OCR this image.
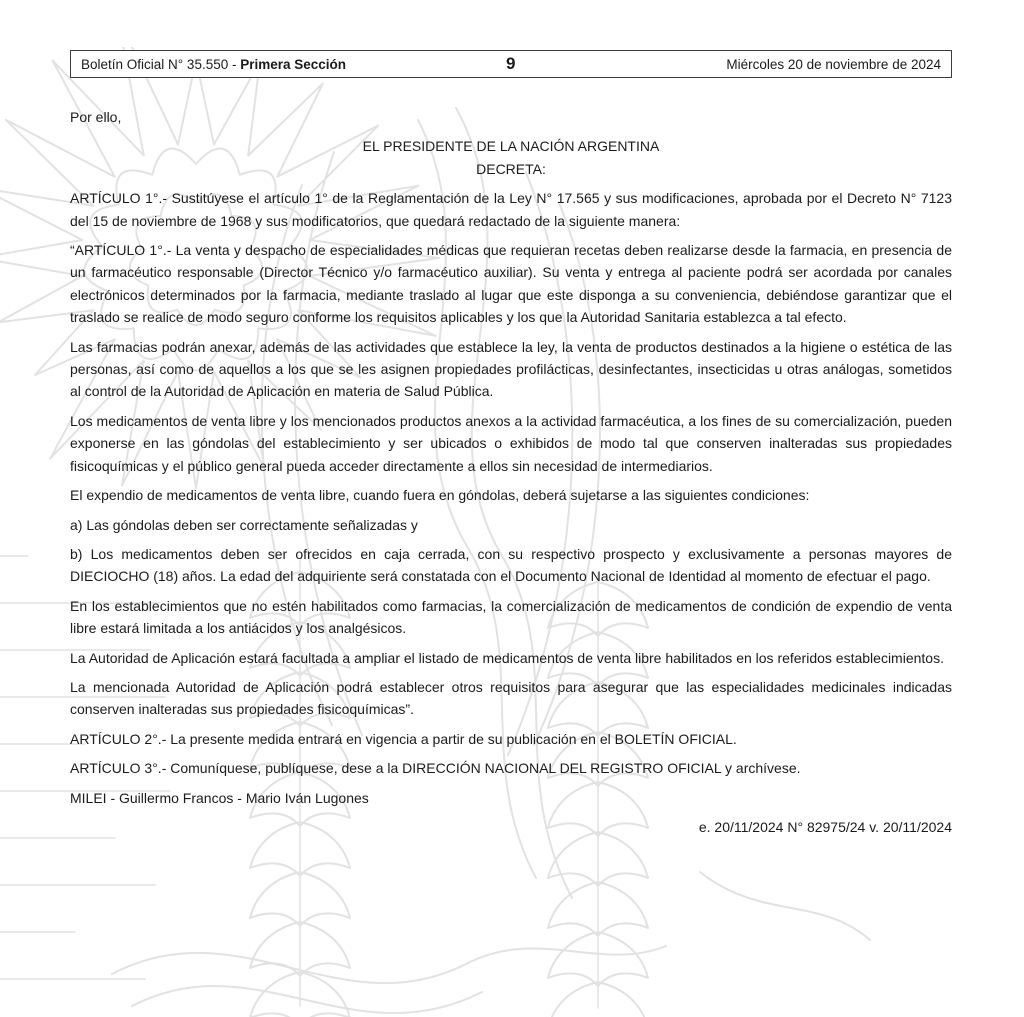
Boletín Oficial N° 35.550 - Primera Sección	9	Miércoles 20 de noviembre de 2024

Por ello,

EL PRESIDENTE DE LA NACIÓN ARGENTINA

DECRETA:

ARTÍCULO 1°.- Sustitúyese el artículo 1° de la Reglamentación de la Ley N° 17.565 y sus modificaciones, aprobada por el Decreto N° 7123 del 15 de noviembre de 1968 y sus modificatorios, que quedará redactado de la siguiente manera:

“ARTÍCULO 1°.- La venta y despacho de especialidades médicas que requieran recetas deben realizarse desde la farmacia, en presencia de un farmacéutico responsable (Director Técnico y/o farmacéutico auxiliar). Su venta y entrega al paciente podrá ser acordada por canales electrónicos determinados por la farmacia, mediante traslado al lugar que este disponga a su conveniencia, debiéndose garantizar que el traslado se realice de modo seguro conforme los requisitos aplicables y los que la Autoridad Sanitaria establezca a tal efecto.

Las farmacias podrán anexar, además de las actividades que establece la ley, la venta de productos destinados a la higiene o estética de las personas, así como de aquellos a los que se les asignen propiedades profilácticas, desinfectantes, insecticidas u otras análogas, sometidos al control de la Autoridad de Aplicación en materia de Salud Pública.

Los medicamentos de venta libre y los mencionados productos anexos a la actividad farmacéutica, a los fines de su comercialización, pueden exponerse en las góndolas del establecimiento y ser ubicados o exhibidos de modo tal que conserven inalteradas sus propiedades fisicoquímicas y el público general pueda acceder directamente a ellos sin necesidad de intermediarios.

El expendio de medicamentos de venta libre, cuando fuera en góndolas, deberá sujetarse a las siguientes condiciones:

a) Las góndolas deben ser correctamente señalizadas y

b) Los medicamentos deben ser ofrecidos en caja cerrada, con su respectivo prospecto y exclusivamente a personas mayores de DIECIOCHO (18) años. La edad del adquiriente será constatada con el Documento Nacional de Identidad al momento de efectuar el pago.

En los establecimientos que no estén habilitados como farmacias, la comercialización de medicamentos de condición de expendio de venta libre estará limitada a los antiácidos y los analgésicos.

La Autoridad de Aplicación estará facultada a ampliar el listado de medicamentos de venta libre habilitados en los referidos establecimientos.

La mencionada Autoridad de Aplicación podrá establecer otros requisitos para asegurar que las especialidades medicinales indicadas conserven inalteradas sus propiedades fisicoquímicas”.

ARTÍCULO 2°.- La presente medida entrará en vigencia a partir de su publicación en el BOLETÍN OFICIAL.

ARTÍCULO 3°.- Comuníquese, publíquese, dese a la DIRECCIÓN NACIONAL DEL REGISTRO OFICIAL y archívese.

MILEI - Guillermo Francos - Mario Iván Lugones

e. 20/11/2024 N° 82975/24 v. 20/11/2024
